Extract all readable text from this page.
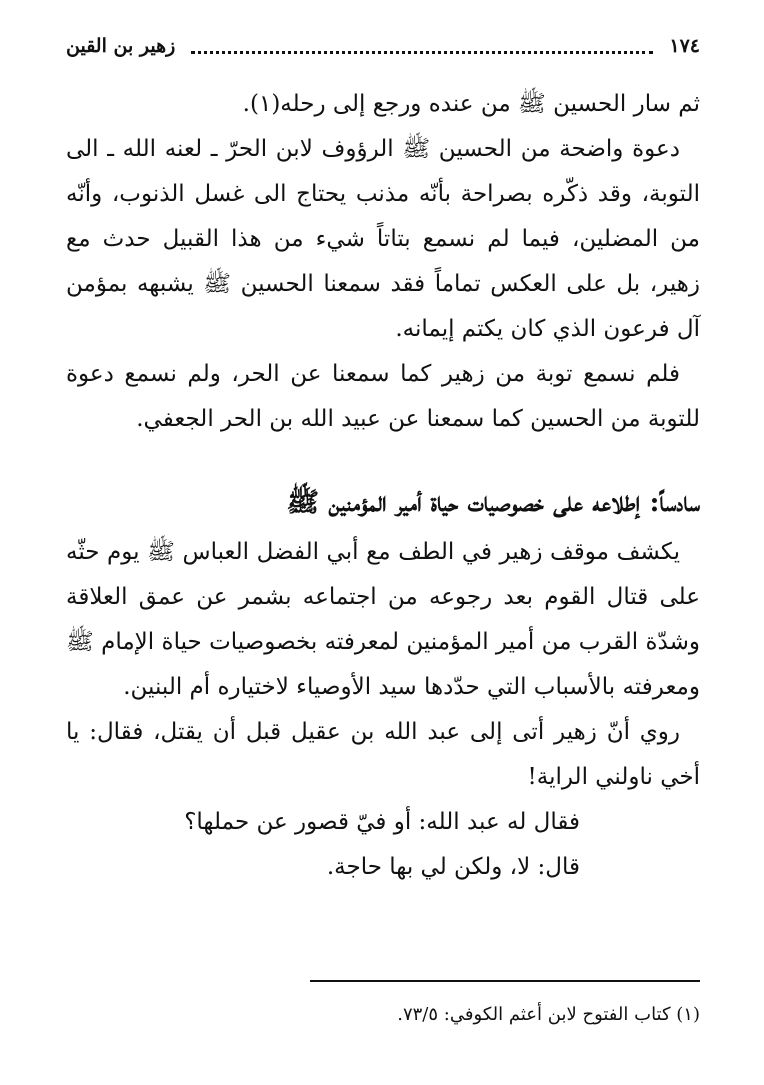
١٧٤
زهير بن القين

ثم سار الحسين ﷺ من عنده ورجع إلى رحله(١).

دعوة واضحة من الحسين ﷺ الرؤوف لابن الحرّ ـ لعنه الله ـ الى التوبة، وقد ذكّره بصراحة بأنّه مذنب يحتاج الى غسل الذنوب، وأنّه من المضلين، فيما لم نسمع بتاتاً شيء من هذا القبيل حدث مع زهير، بل على العكس تماماً فقد سمعنا الحسين ﷺ يشبهه بمؤمن آل فرعون الذي كان يكتم إيمانه.

فلم نسمع توبة من زهير كما سمعنا عن الحر، ولم نسمع دعوة للتوبة من الحسين كما سمعنا عن عبيد الله بن الحر الجعفي.

سادساً: إطلاعه على خصوصيات حياة أمير المؤمنين ﷺ

يكشف موقف زهير في الطف مع أبي الفضل العباس ﷺ يوم حثّه على قتال القوم بعد رجوعه من اجتماعه بشمر عن عمق العلاقة وشدّة القرب من أمير المؤمنين لمعرفته بخصوصيات حياة الإمام ﷺ ومعرفته بالأسباب التي حدّدها سيد الأوصياء لاختياره أم البنين.

روي أنّ زهير أتى إلى عبد الله بن عقيل قبل أن يقتل، فقال: يا أخي ناولني الراية!

فقال له عبد الله: أو فيّ قصور عن حملها؟

قال: لا، ولكن لي بها حاجة.

(١) كتاب الفتوح لابن أعثم الكوفي: ٧٣/٥.
